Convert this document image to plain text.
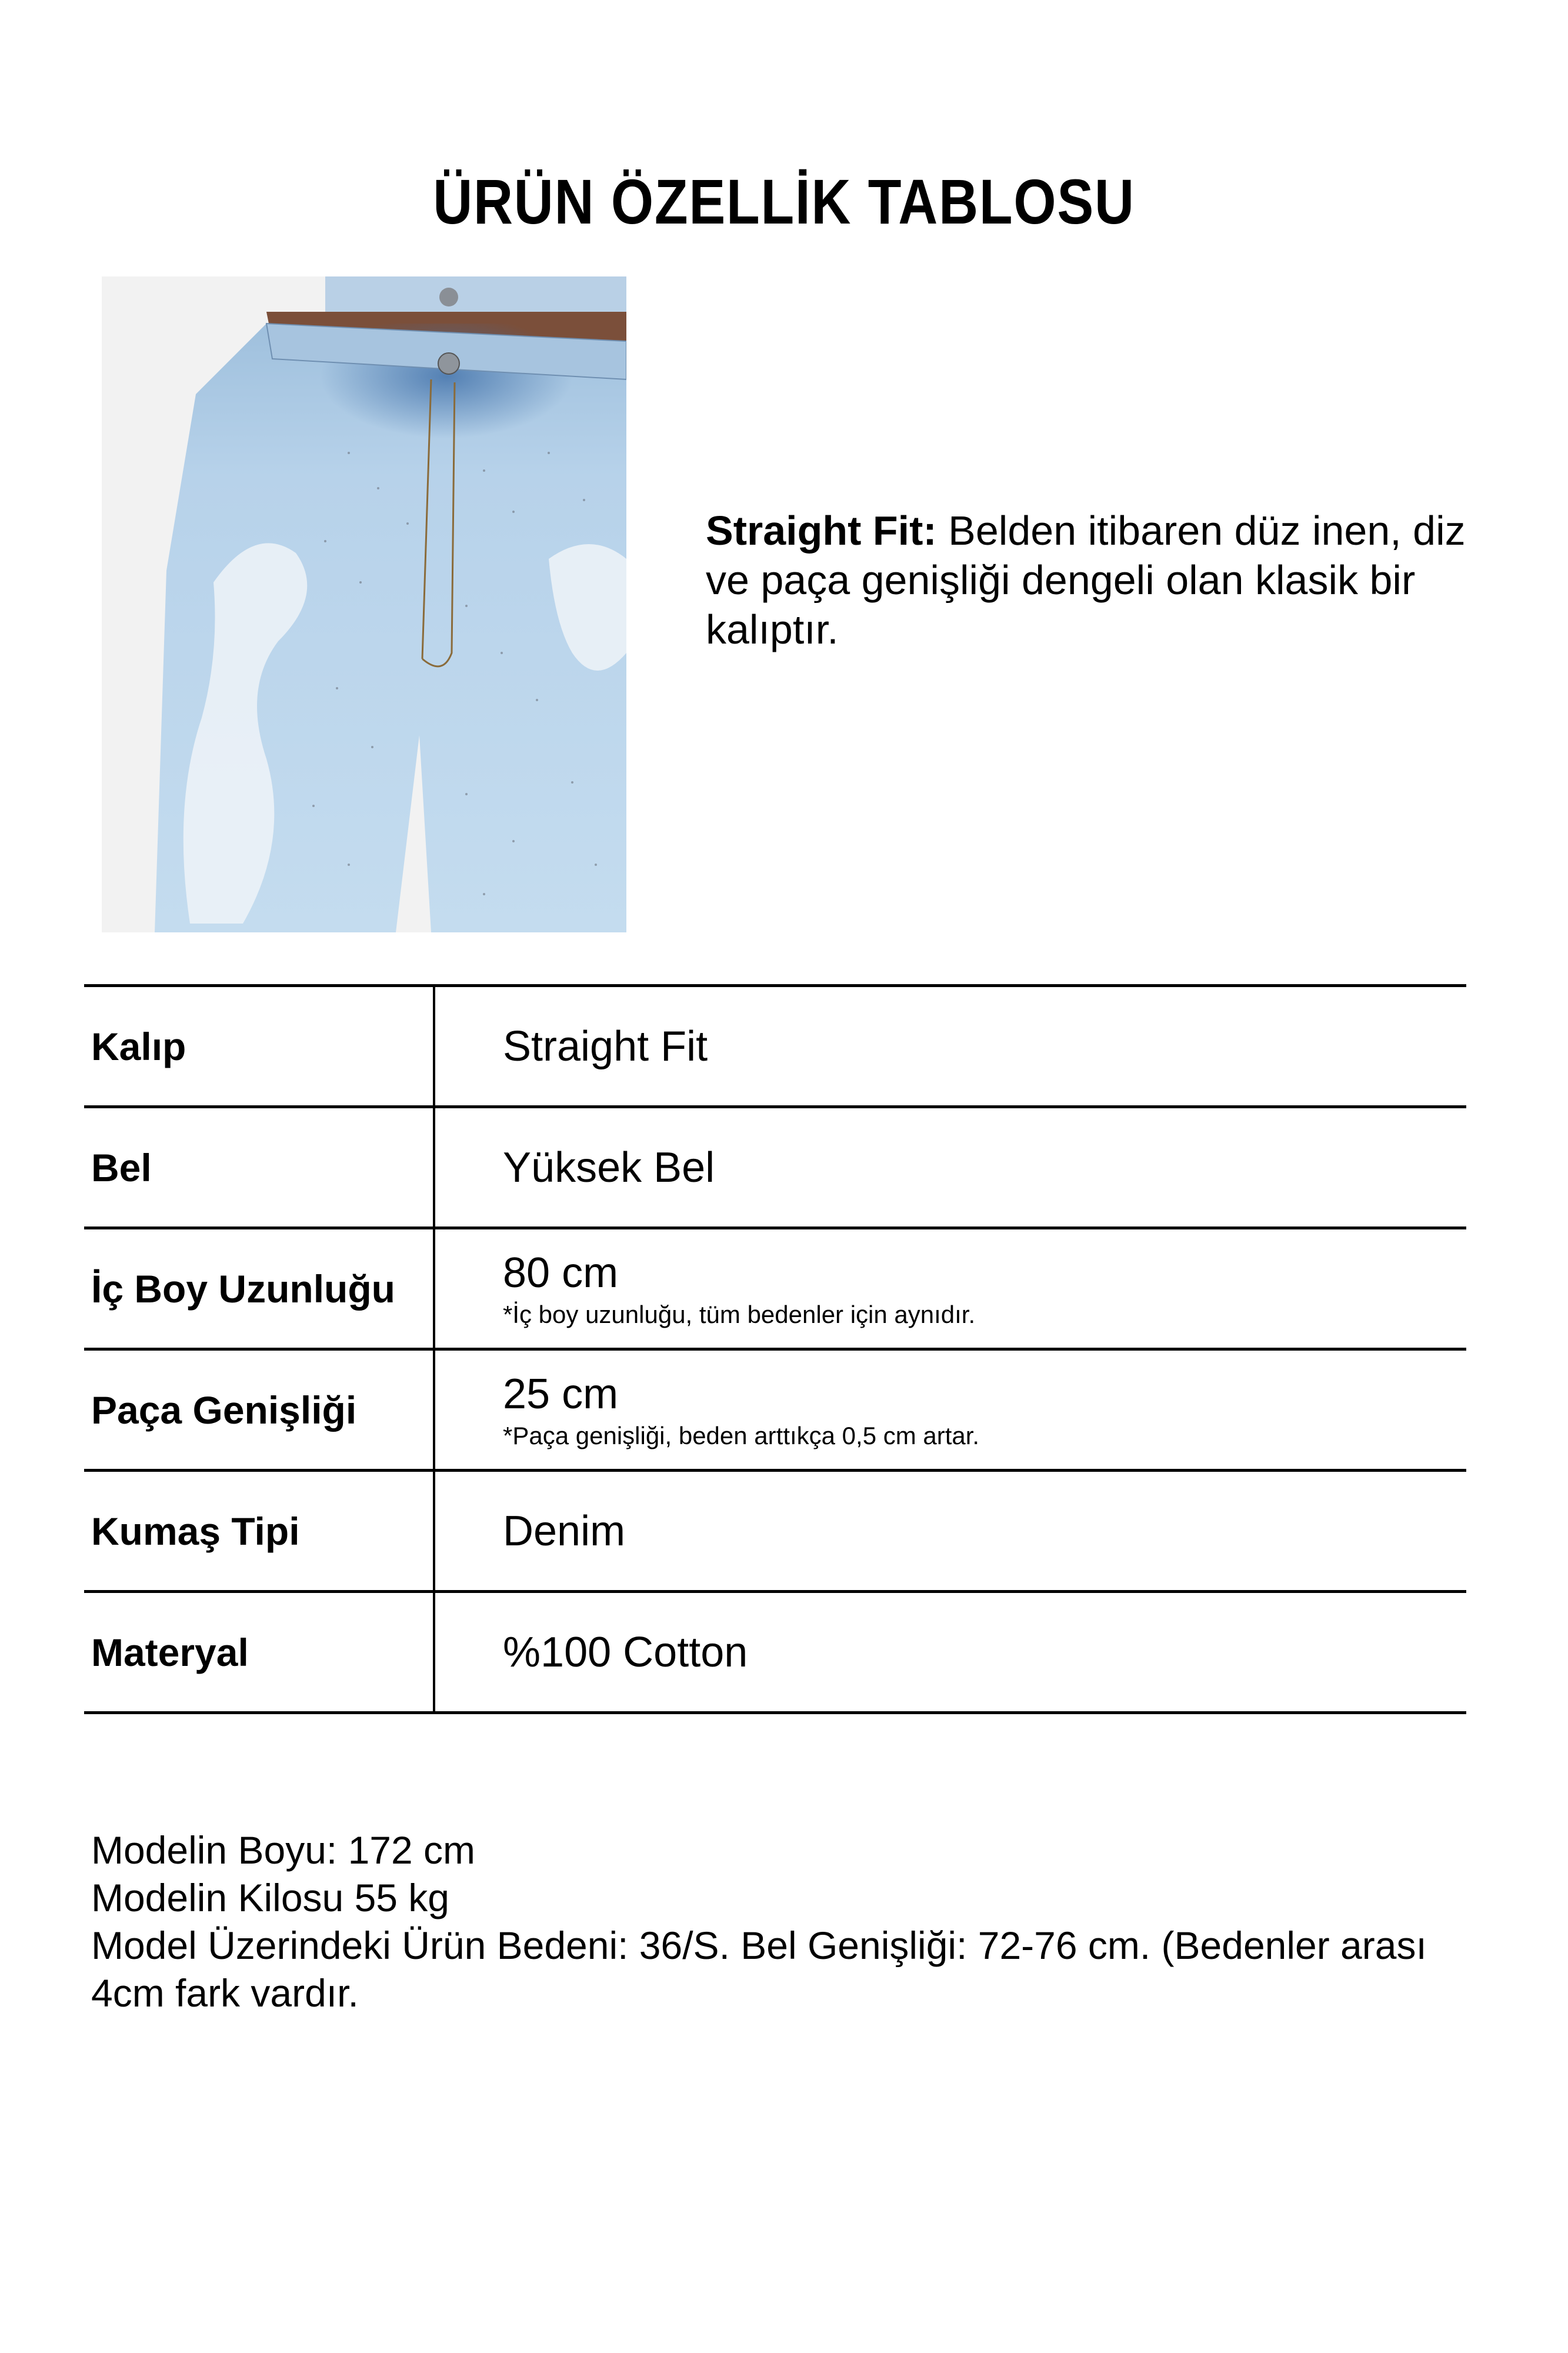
ÜRÜN ÖZELLİK TABLOSU
Straight Fit: Belden itibaren düz inen, diz ve paça genişliği dengeli olan klasik bir kalıptır.
Kalıp	Straight Fit
Bel	Yüksek Bel
İç Boy Uzunluğu	80 cm
*İç boy uzunluğu, tüm bedenler için aynıdır.
Paça Genişliği	25 cm
*Paça genişliği, beden arttıkça 0,5 cm artar.
Kumaş Tipi	Denim
Materyal	%100 Cotton
Modelin Boyu: 172 cm
Modelin Kilosu 55 kg
Model Üzerindeki Ürün Bedeni: 36/S. Bel Genişliği: 72-76 cm. (Bedenler arası 4cm fark vardır.
